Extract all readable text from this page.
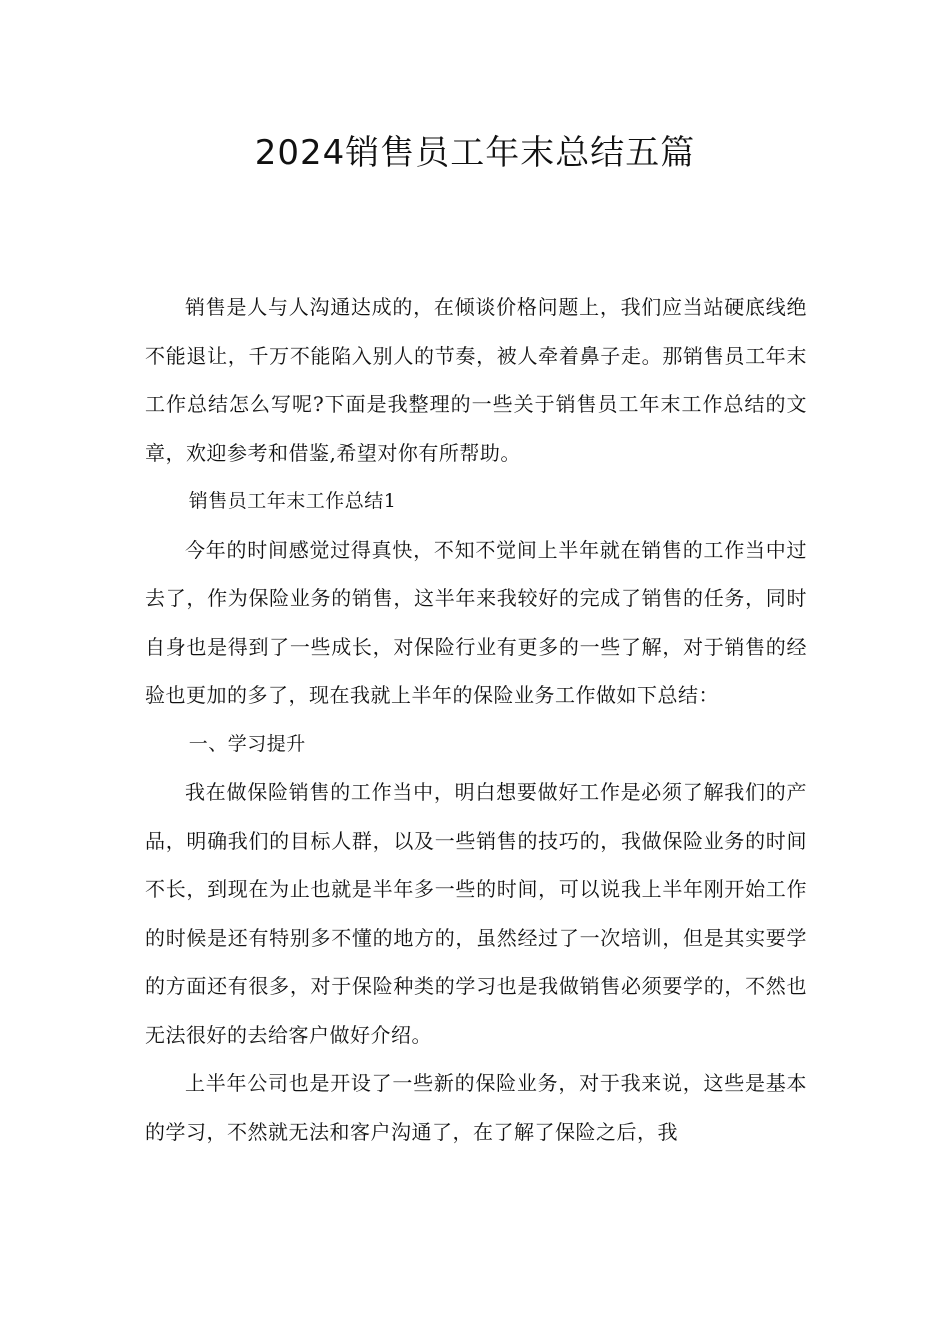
2024销售员工年末总结五篇

销售是人与人沟通达成的，在倾谈价格问题上，我们应当站硬底线绝不能退让，千万不能陷入别人的节奏，被人牵着鼻子走。那销售员工年末工作总结怎么写呢?下面是我整理的一些关于销售员工年末工作总结的文章，欢迎参考和借鉴,希望对你有所帮助。

销售员工年末工作总结1

今年的时间感觉过得真快，不知不觉间上半年就在销售的工作当中过去了，作为保险业务的销售，这半年来我较好的完成了销售的任务，同时自身也是得到了一些成长，对保险行业有更多的一些了解，对于销售的经验也更加的多了，现在我就上半年的保险业务工作做如下总结：

一、学习提升

我在做保险销售的工作当中，明白想要做好工作是必须了解我们的产品，明确我们的目标人群，以及一些销售的技巧的，我做保险业务的时间不长，到现在为止也就是半年多一些的时间，可以说我上半年刚开始工作的时候是还有特别多不懂的地方的，虽然经过了一次培训，但是其实要学的方面还有很多，对于保险种类的学习也是我做销售必须要学的，不然也无法很好的去给客户做好介绍。

上半年公司也是开设了一些新的保险业务，对于我来说，这些是基本的学习，不然就无法和客户沟通了，在了解了保险之后，我
